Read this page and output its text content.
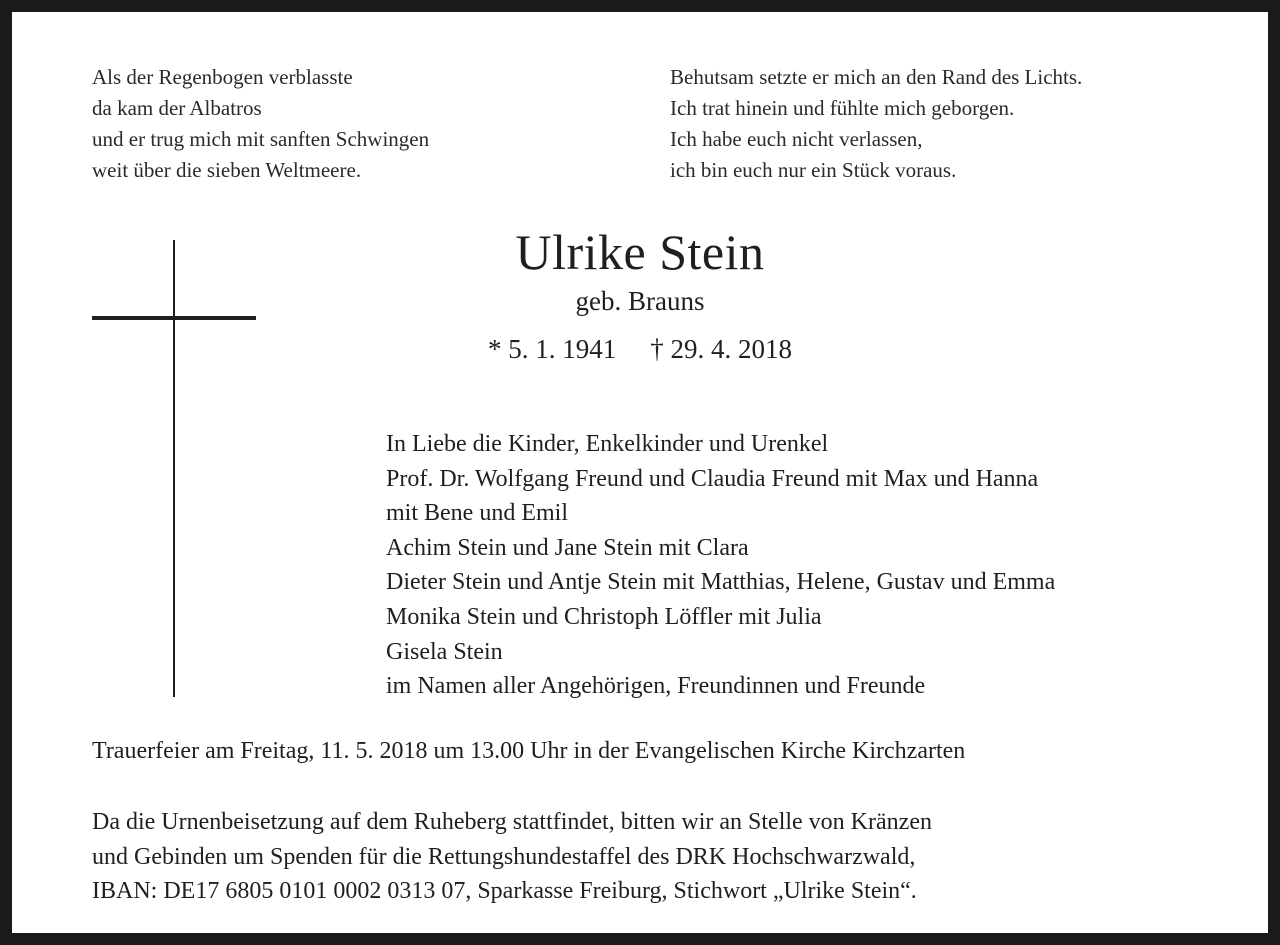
Als der Regenbogen verblasste
da kam der Albatros
und er trug mich mit sanften Schwingen
weit über die sieben Weltmeere.
Behutsam setzte er mich an den Rand des Lichts.
Ich trat hinein und fühlte mich geborgen.
Ich habe euch nicht verlassen,
ich bin euch nur ein Stück voraus.
Ulrike Stein
geb. Brauns
* 5. 1. 1941 † 29. 4. 2018
In Liebe die Kinder, Enkelkinder und Urenkel
Prof. Dr. Wolfgang Freund und Claudia Freund mit Max und Hanna
mit Bene und Emil
Achim Stein und Jane Stein mit Clara
Dieter Stein und Antje Stein mit Matthias, Helene, Gustav und Emma
Monika Stein und Christoph Löffler mit Julia
Gisela Stein
im Namen aller Angehörigen, Freundinnen und Freunde
Trauerfeier am Freitag, 11. 5. 2018 um 13.00 Uhr in der Evangelischen Kirche Kirchzarten
Da die Urnenbeisetzung auf dem Ruheberg stattfindet, bitten wir an Stelle von Kränzen
und Gebinden um Spenden für die Rettungshundestaffel des DRK Hochschwarzwald,
IBAN: DE17 6805 0101 0002 0313 07, Sparkasse Freiburg, Stichwort „Ulrike Stein“.
